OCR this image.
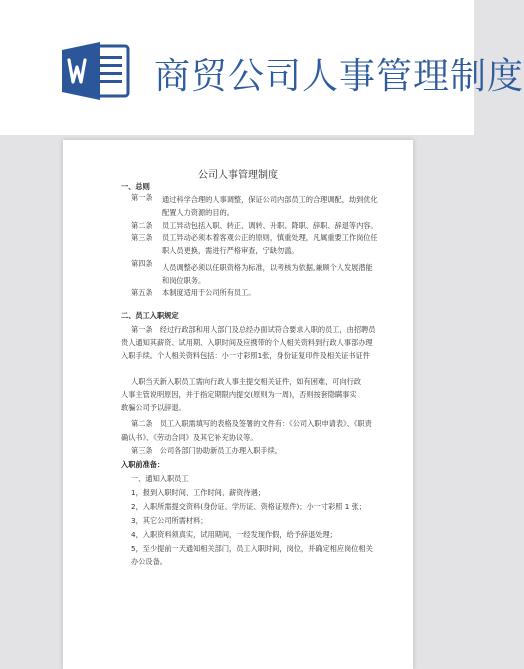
商贸公司人事管理制度

公司人事管理制度
一、总则
第一条 通过科学合理的人事调整，保证公司内部员工的合理调配，劫到优化
配置人力资源的目的。
第二条 员工异动包括入职、转正、调转、升职、降职、辞职、辞退等内容。
第三条 员工异动必须本着客观公正的原则，慎重处理，凡属重要工作岗位任
职人员更换，需进行严格审查，宁缺勿滥。
第四条 人员调整必须以任职资格为标准，以考核为依据,兼顾个人发展潜能
和岗位职务。
第五条 本制度适用于公司所有员工。
二、员工入职规定
第一条　经过行政部和用人部门及总经办面试符合要求入职的员工，由招聘员
贵人通知其薪资、试用期、入职时间及应携带的个人相关资料到行政人事部办理
入职手续。个人相关资料包括：小一寸彩照1张，身份证复印件及相关证书证件
人职当天新入职员工需向行政人事主提交相关证件，如有困难，可向行政
人事主管说明原因，并于指定期限内提交(原则为一周)，否则按套隐瞒事实
敢骗公司予以辞退。
第二条　员工入职需填写的表格及签署的文件有：《公司入职申请表》、《职责
确认书》、《劳动合同》及其它补充协议等。
第三条　公司各部门协助新员工办理入职手续。
入职前准备：
一、通知入职员工
1，报到入职时间、工作时间、薪资待遇；
2，入职所需提交资料(身份证、学历证、资格证原件)；小一寸彩照 1 张；
3，其它公司所需材料；
4，入职资料须真实，试用期间，一经发现作假，给予辞退处理；
5，至少提前一天通知相关部门，员工入职时间，岗位，并确定相应岗位相关
办公设备。
